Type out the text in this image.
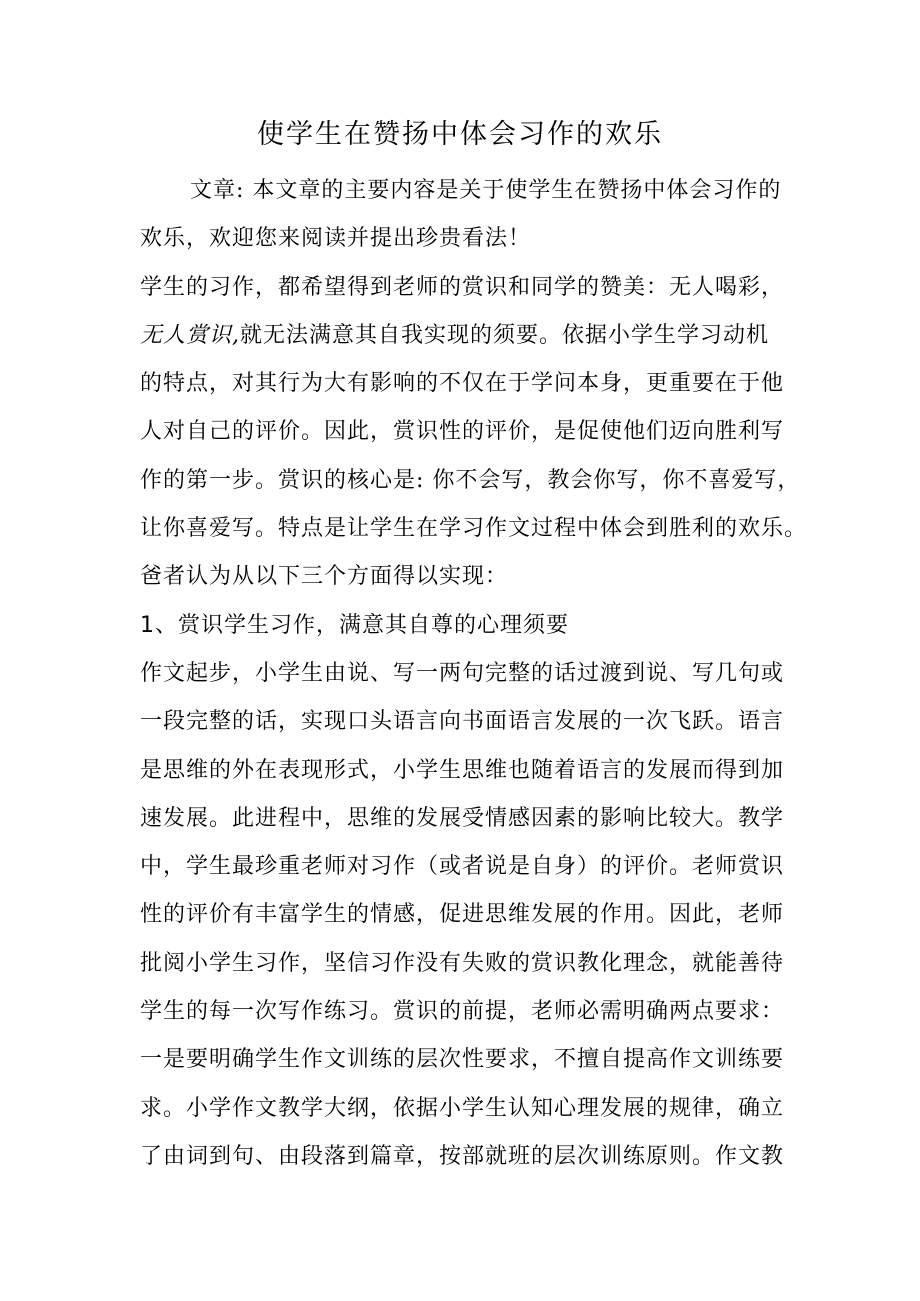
使学生在赞扬中体会习作的欢乐
文章: 本文章的主要内容是关于使学生在赞扬中体会习作的
欢乐，欢迎您来阅读并提出珍贵看法！
学生的习作，都希望得到老师的赏识和同学的赞美：无人喝彩，
无人赏识,就无法满意其自我实现的须要。依据小学生学习动机
的特点，对其行为大有影响的不仅在于学问本身，更重要在于他
人对自己的评价。因此，赏识性的评价，是促使他们迈向胜利写
作的第一步。赏识的核心是: 你不会写，教会你写，你不喜爱写，
让你喜爱写。特点是让学生在学习作文过程中体会到胜利的欢乐。
爸者认为从以下三个方面得以实现：
1、赏识学生习作，满意其自尊的心理须要
作文起步，小学生由说、写一两句完整的话过渡到说、写几句或
一段完整的话，实现口头语言向书面语言发展的一次飞跃。语言
是思维的外在表现形式，小学生思维也随着语言的发展而得到加
速发展。此进程中，思维的发展受情感因素的影响比较大。教学
中，学生最珍重老师对习作（或者说是自身）的评价。老师赏识
性的评价有丰富学生的情感，促进思维发展的作用。因此，老师
批阅小学生习作，坚信习作没有失败的赏识教化理念，就能善待
学生的每一次写作练习。赏识的前提，老师必需明确两点要求：
一是要明确学生作文训练的层次性要求，不擅自提高作文训练要
求。小学作文教学大纲，依据小学生认知心理发展的规律，确立
了由词到句、由段落到篇章，按部就班的层次训练原则。作文教
